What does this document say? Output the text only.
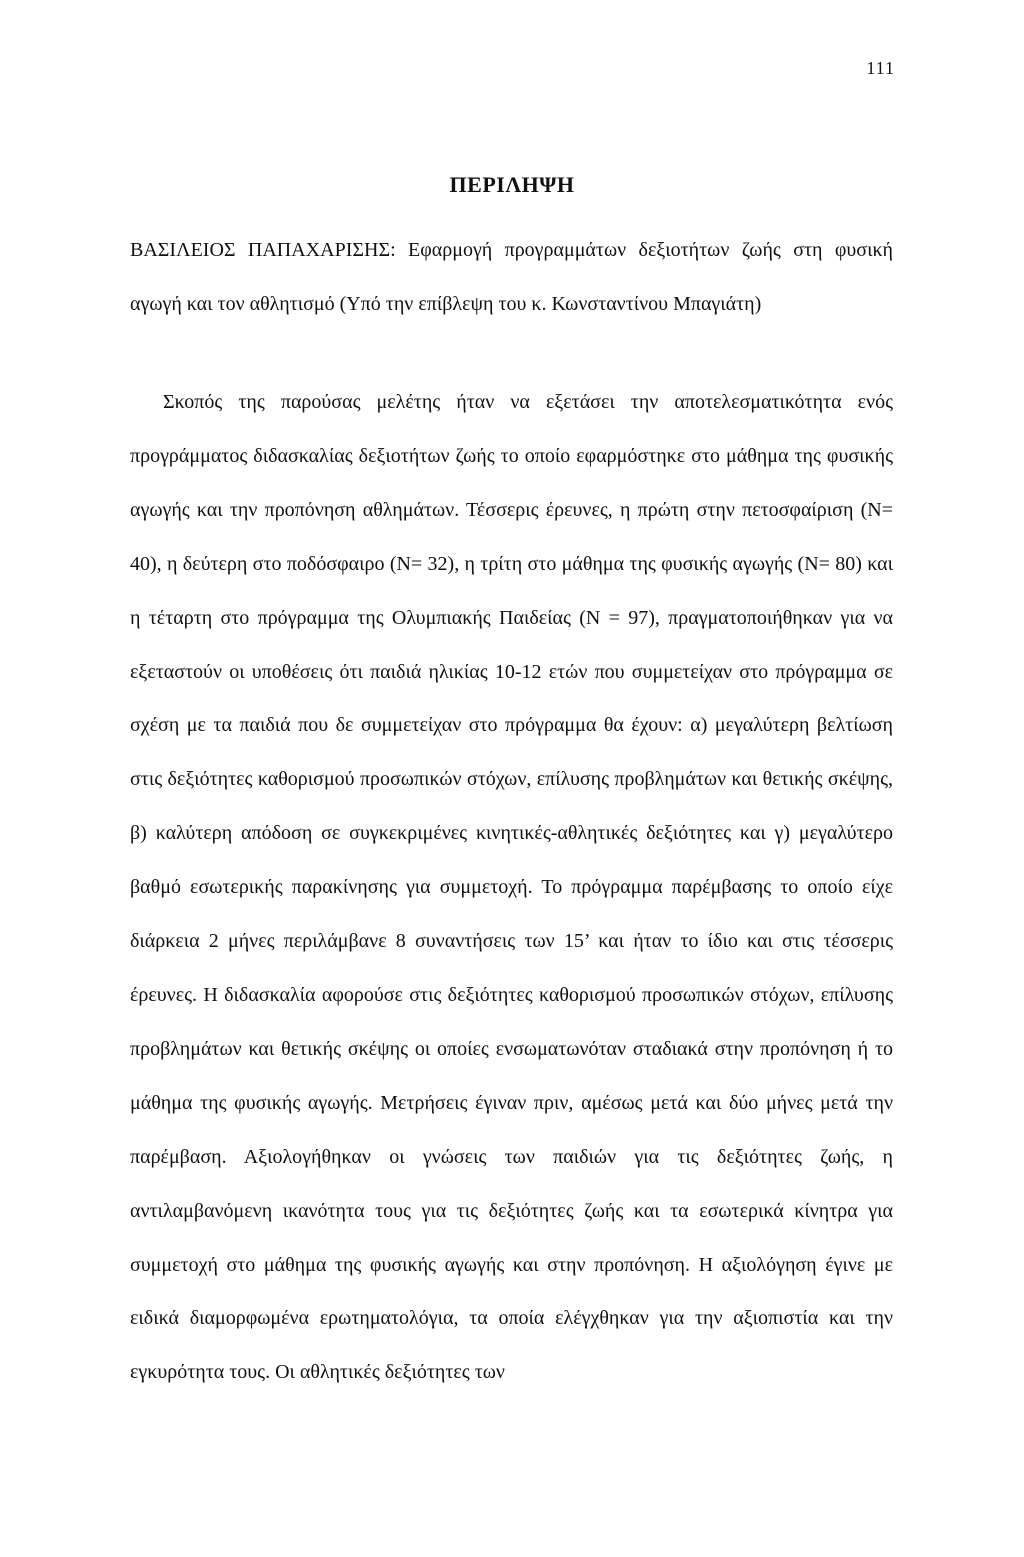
111
ΠΕΡΙΛΗΨΗ

ΒΑΣΙΛΕΙΟΣ ΠΑΠΑΧΑΡΙΣΗΣ: Εφαρμογή προγραμμάτων δεξιοτήτων ζωής στη φυσική αγωγή και τον αθλητισμό (Υπό την επίβλεψη του κ. Κωνσταντίνου Μπαγιάτη)

Σκοπός της παρούσας μελέτης ήταν να εξετάσει την αποτελεσματικότητα ενός προγράμματος διδασκαλίας δεξιοτήτων ζωής το οποίο εφαρμόστηκε στο μάθημα της φυσικής αγωγής και την προπόνηση αθλημάτων. Τέσσερις έρευνες, η πρώτη στην πετοσφαίριση (N= 40), η δεύτερη στο ποδόσφαιρο (N= 32), η τρίτη στο μάθημα της φυσικής αγωγής (N= 80) και η τέταρτη στο πρόγραμμα της Ολυμπιακής Παιδείας (N = 97), πραγματοποιήθηκαν για να εξεταστούν οι υποθέσεις ότι παιδιά ηλικίας 10-12 ετών που συμμετείχαν στο πρόγραμμα σε σχέση με τα παιδιά που δε συμμετείχαν στο πρόγραμμα θα έχουν: α) μεγαλύτερη βελτίωση στις δεξιότητες καθορισμού προσωπικών στόχων, επίλυσης προβλημάτων και θετικής σκέψης, β) καλύτερη απόδοση σε συγκεκριμένες κινητικές-αθλητικές δεξιότητες και γ) μεγαλύτερο βαθμό εσωτερικής παρακίνησης για συμμετοχή. Το πρόγραμμα παρέμβασης το οποίο είχε διάρκεια 2 μήνες περιλάμβανε 8 συναντήσεις των 15’ και ήταν το ίδιο και στις τέσσερις έρευνες. Η διδασκαλία αφορούσε στις δεξιότητες καθορισμού προσωπικών στόχων, επίλυσης προβλημάτων και θετικής σκέψης οι οποίες ενσωματωνόταν σταδιακά στην προπόνηση ή το μάθημα της φυσικής αγωγής. Μετρήσεις έγιναν πριν, αμέσως μετά και δύο μήνες μετά την παρέμβαση. Αξιολογήθηκαν οι γνώσεις των παιδιών για τις δεξιότητες ζωής, η αντιλαμβανόμενη ικανότητα τους για τις δεξιότητες ζωής και τα εσωτερικά κίνητρα για συμμετοχή στο μάθημα της φυσικής αγωγής και στην προπόνηση. Η αξιολόγηση έγινε με ειδικά διαμορφωμένα ερωτηματολόγια, τα οποία ελέγχθηκαν για την αξιοπιστία και την εγκυρότητα τους. Οι αθλητικές δεξιότητες των
